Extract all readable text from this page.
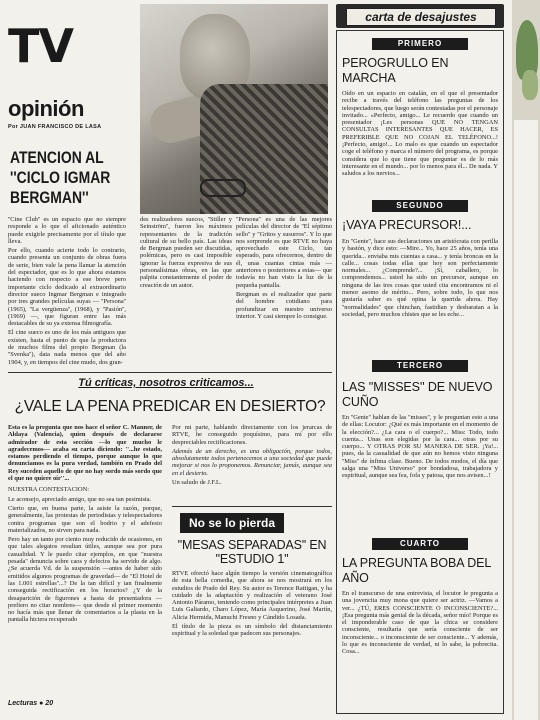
TV
opinión
Por JUAN FRANCISCO DE LASA
ATENCION AL ''CICLO IGMAR BERGMAN''

''Cine Club'' es un espacio que no siempre responde a lo que el aficionado auténtico puede exigirle precisamente por el título que lleva.

Por ello, cuando acierte todo lo contrario, cuando presenta un conjunto de obras fuera de serie, bien vale la pena llamar la atención del espectador, que es lo que ahora estamos haciendo con respecto a ese breve pero importante ciclo dedicado al extraordinario director sueco Ingmar Bergman e integrado por tres grandes películas suyas — ''Persona'' (1965), ''La vergüenza'', (1968), y ''Pasión'', (1969) —, que figuran entre las más destacables de su ya extensa filmografía.

El cine sueco es uno de los más antiguos que existen, hasta el punto de que la productora de muchos films del propio Bergman (la ''Svenka''), data nada menos que del año 1904, y, en tiempos del cine mudo, dos gran-

des realizadores suecos, ''Stiller y Seinström'', fueron los máximos representantes de la tradición cultural de su bello país. Las ideas de Bergman pueden ser discutidas, polémicas, pero es casi imposible ignorar la fuerza expresiva de sus personalísimas obras, en las que palpita constantemente el poder de creación de un autor.

''Persona'' es una de las mejores películas del director de ''El séptimo sello'' y ''Gritos y susurros''. Y lo que nos sorprende es que RTVE no haya aprovechado este Ciclo, tan esperado, para ofrecernos, dentro de él, unas cuantas cintas más —anteriores o posteriores a estas— que todavía no han visto la luz de la pequeña pantalla.

Bergman es el realizador que parte del hombre cotidiano para profundizar en nuestro universo interior. Y casi siempre lo consigue.

Tú críticas, nosotros criticamos...
¿VALE LA PENA PREDICAR EN DESIERTO?

Esta es la pregunta que nos hace el señor C. Manner, de Aldaya (Valencia), quien después de declararse admirador de esta sección —lo que mucho le agradecemos— acaba su carta diciendo: ''...he estado, estamos perdiendo el tiempo, porque aunque lo que denunciamos es la pura verdad, también en Prado del Rey suceden aquello de que no hay sordo más sordo que el que no quiere oír''...

NUESTRA CONTESTACION:

Le aconsejo, apreciado amigo, que no sea tan pesimista.

Cierto que, en buena parte, la asiste la razón, porque, generalmente, las protestas de periodistas y telespectadores contra programas que son el bodrio y el adefesio materializados, no sirven para nada.

Pero hay un tanto por ciento muy reducido de ocasiones, en que tales alegatos resultan útiles, aunque sea por pura casualidad. Y le puedo citar ejemplos, en que ''nuestra pesada'' denuncia sobre caos y defectos ha servido de algo. ¿Se acuerda Vd. de la suspensión —antes de haber sido emitidos algunos programas de gravedad— de ''El Hotel de las 1.001 estrellas''...? De la tan difícil y tan finalmente conseguida rectificación en los horarios? ¿Y de la desaparición de figurones a hasta de presentadora —prefiero no citar nombres— que desde el primer momento no hacía más que llenar de comentarios a la plasta en la pantalla hiciera recuperado

Por mi parte, hablando directamente con los jerarcas de RTVE, he conseguido poquísimo, para mí por ello despreciables rectificaciones.

Además de un derecho, es una obligación, porque todos, absolutamente todos pertenecemos a una sociedad que puede mejorar si nos lo proponemos. Renunciar, jamás, aunque sea en el desierto.

Un saludo de J.F.L.

No se lo pierda
''MESAS SEPARADAS'' EN ''ESTUDIO 1''

RTVE ofreció hace algún tiempo la versión cinematográfica de esta bella comedia, que ahora se nos mostrará en los estudios de Prado del Rey. Su autor es Terence Rattigan, y ha cuidado de la adaptación y realización el veterano José Antonio Páramo, teniendo como principales intérpretes a Juan Luis Galiardo, Charo López, María Asquerino, José Martín, Alicia Hermida, Manuchi Fresno y Cándido Losada.

El título de la pieza es un símbolo del distanciamiento espiritual y la soledad que padecen sus personajes.

Lecturas ● 20
carta de desajustes
PRIMERO
PEROGRULLO EN MARCHA
Oído en un espacio en catalán, en el que el presentador recibe a través del teléfono las preguntas de los telespectadores, que luego serán contestadas por el personaje invitado... «Perfecto, amigo... Le recuerdo que cuando un presentador ¡Les personas QUE NO TENGAN CONSULTAS INTERESANTES QUE HACER, ES PREFERIBLE QUE NO COJAN EL TELÉFONO...! ¡Perfecto, amigo!... Lo malo es que cuando un espectador coge el teléfono y marca el número del programa, es porque considera que lo que tiene que preguntar es de lo más interesante en el mundo... por lo menos para él... De nada. Y saludos a los nervios...
SEGUNDO
¡VAYA PRECURSOR!...
En ''Gente'', hace sus declaraciones un aristócrata con perilla y bastón, y dice esto: —Mire... Yo, hace 25 años, tenía una querida... enviaba mis cuentas a casa... y tenía broncas en la calle... cosas todas ellas que hoy son perfectamente normales... ¿Comprende?... ¡Sí, caballero, lo comprendemos... usted ha sido un precursor, aunque en ninguna de las tres cosas que usted cita encontramos ni el menor asomo de mérito... Pero, sobre todo, lo que nos gustaría saber es qué opina la querida ahora. Hay ''normalidades'' que chinchan, fastidian y desbaratan a la sociedad, pero muchos chistes que se les eche...
TERCERO
LAS ''MISSES'' DE NUEVO CUÑO
En ''Gente'' hablan de las ''misses'', y le preguntan esto a una de ellas: Locutor: ¿Qué es más importante en el momento de la elección?... ¿La cara o el cuerpo?... Miss: Todo, todo cuenta... Unas son elegidas por la cara... otras por su cuerpo... Y OTRAS POR SU MANERA DE SER. ¡Ya!... pues, da la casualidad de que aún no hemos visto ninguna ''Miss'' de ínfima clase. Bueno. De todos modos, el día que salga una ''Miss Universo'' por bondadosa, trabajadora y espiritual, aunque sea fea, fofa y patosa, que nos avisen...!
CUARTO
LA PREGUNTA BOBA DEL AÑO
En el transcurso de una entrevista, el locutor le pregunta a una jovencita muy mona que quiere ser actriz. —Vamos a ver... ¿TÚ, ERES CONSCIENTE O INCONSCIENTE?... ¡Esa pregunta más genial de la década, señor mío! Porque es el imponderable caso de que la chica se considere consciente, resultaría que sería consciente de ser inconsciente... o inconsciente de ser consciente... Y además, lo que es inconsciente de verdad, ni lo sabe, la pobrecita. Cosa...
